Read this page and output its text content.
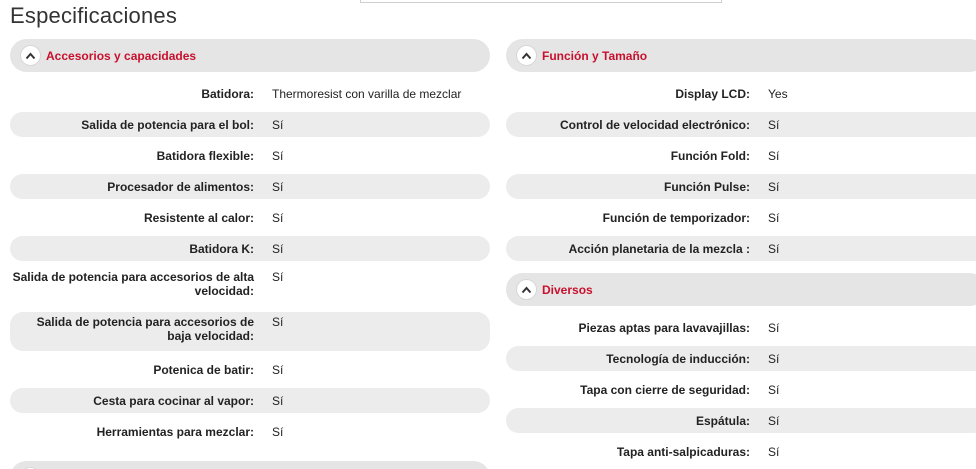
Especificaciones
Accesorios y capacidades
Batidora: Thermoresist con varilla de mezclar
Salida de potencia para el bol: Sí
Batidora flexible: Sí
Procesador de alimentos: Sí
Resistente al calor: Sí
Batidora K: Sí
Salida de potencia para accesorios de alta velocidad:
Sí
Salida de potencia para accesorios de baja velocidad:
Sí
Potenica de batir: Sí
Cesta para cocinar al vapor: Sí
Herramientas para mezclar: Sí
Función y Tamaño
Display LCD: Yes
Control de velocidad electrónico: Sí
Función Fold: Sí
Función Pulse: Sí
Función de temporizador: Sí
Acción planetaria de la mezcla : Sí
Diversos
Piezas aptas para lavavajillas: Sí
Tecnología de inducción: Sí
Tapa con cierre de seguridad: Sí
Espátula: Sí
Tapa anti-salpicaduras: Sí
